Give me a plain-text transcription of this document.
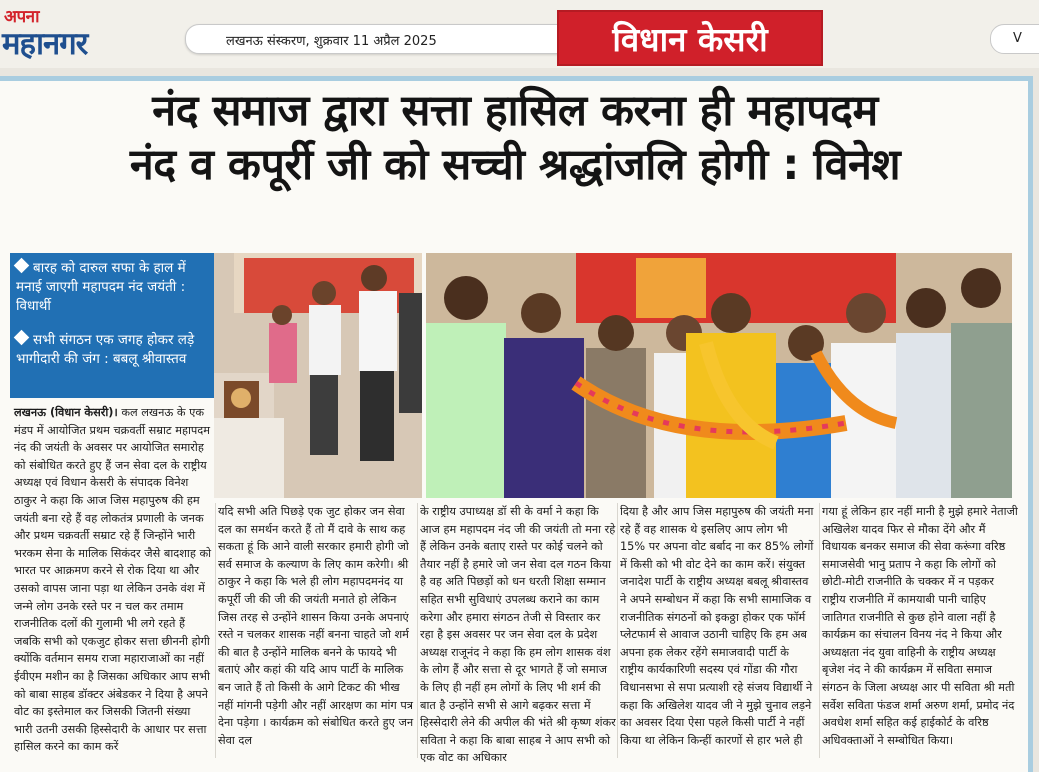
अपना
महानगर	लखनऊ संस्करण, शुक्रवार 11 अप्रैल 2025	विधान केसरी	V
नंद समाज द्वारा सत्ता हासिल करना ही महापदम
नंद व कपूर्री जी को सच्ची श्रद्धांजलि होगी : विनेश
बारह को दारुल सफा के हाल में मनाई जाएगी महापदम नंद जयंती : विधार्थी
सभी संगठन एक जगह होकर लड़े भागीदारी की जंग : बबलू श्रीवास्तव

लखनऊ (विधान केसरी)। कल लखनऊ के एक मंडप में आयोजित प्रथम चक्रवर्ती सम्राट महापदम नंद की जयंती के अवसर पर आयोजित समारोह को संबोधित करते हुए हैं जन सेवा दल के राष्ट्रीय अध्यक्ष एवं विधान केसरी के संपादक विनेश ठाकुर ने कहा कि आज जिस महापुरुष की हम जयंती बना रहे हैं वह लोकतंत्र प्रणाली के जनक और प्रथम चक्रवर्ती सम्राट रहे हैं जिन्होंने भारी भरकम सेना के मालिक सिकंदर जैसे बादशाह को भारत पर आक्रमण करने से रोक दिया था और उसको वापस जाना पड़ा था लेकिन उनके वंश में जन्मे लोग उनके रस्ते पर न चल कर तमाम राजनीतिक दलों की गुलामी भी लगे रहते हैं जबकि सभी को एकजुट होकर सत्ता छीननी होगी क्योंकि वर्तमान समय राजा महाराजाओं का नहीं ईवीएम मशीन का है जिसका अधिकार आप सभी को बाबा साहब डॉक्टर अंबेडकर ने दिया है अपने वोट का इस्तेमाल कर जिसकी जितनी संख्या भारी उतनी उसकी हिस्सेदारी के आधार पर सत्ता हासिल करने का काम करें

यदि सभी अति पिछड़े एक जुट होकर जन सेवा दल का समर्थन करते हैं तो मैं दावे के साथ कह सकता हूं कि आने वाली सरकार हमारी होगी जो सर्व समाज के कल्याण के लिए काम करेगी। श्री ठाकुर ने कहा कि भले ही लोग महापदमनंद या कपूर्री जी की जी की जयंती मनाते हो लेकिन जिस तरह से उन्होंने शासन किया उनके अपनाएं रस्ते न चलकर शासक नहीं बनना चाहते जो शर्म की बात है उन्होंने मालिक बनने के फायदे भी बताएं और कहां की यदि आप पार्टी के मालिक बन जाते हैं तो किसी के आगे टिकट की भीख नहीं मांगनी पड़ेगी और नहीं आरक्षण का मांग पत्र देना पड़ेगा । कार्यक्रम को संबोधित करते हुए जन सेवा दल

के राष्ट्रीय उपाध्यक्ष डॉ सी के वर्मा ने कहा कि आज हम महापदम नंद जी की जयंती तो मना रहे हैं लेकिन उनके बताए रास्ते पर कोई चलने को तैयार नहीं है हमारे जो जन सेवा दल गठन किया है वह अति पिछड़ों को धन धरती शिक्षा सम्मान सहित सभी सुविधाएं उपलब्ध कराने का काम करेगा और हमारा संगठन तेजी से विस्तार कर रहा है इस अवसर पर जन सेवा दल के प्रदेश अध्यक्ष राजूनंद ने कहा कि हम लोग शासक वंश के लोग हैं और सत्ता से दूर भागते हैं जो समाज के लिए ही नहीं हम लोगों के लिए भी शर्म की बात है उन्होंने सभी से आगे बढ़कर सत्ता में हिस्सेदारी लेने की अपील की भंते श्री कृष्ण शंकर सविता ने कहा कि बाबा साहब ने आप सभी को एक वोट का अधिकार

दिया है और आप जिस महापुरुष की जयंती मना रहे हैं वह शासक थे इसलिए आप लोग भी 15% पर अपना वोट बर्बाद ना कर 85% लोगों में किसी को भी वोट देने का काम करें। संयुक्त जनादेश पार्टी के राष्ट्रीय अध्यक्ष बबलू श्रीवास्तव ने अपने सम्बोधन में कहा कि सभी सामाजिक व राजनीतिक संगठनों को इकठ्ठा होकर एक फॉर्म प्लेटफार्म से आवाज उठानी चाहिए कि हम अब अपना हक लेकर रहेंगे समाजवादी पार्टी के राष्ट्रीय कार्यकारिणी सदस्य एवं गोंडा की गौरा विधानसभा से सपा प्रत्याशी रहे संजय विद्यार्थी ने कहा कि अखिलेश यादव जी ने मुझे चुनाव लड़ने का अवसर दिया ऐसा पहले किसी पार्टी ने नहीं किया था लेकिन किन्हीं कारणों से हार भले ही

गया हूं लेकिन हार नहीं मानी है मुझे हमारे नेताजी अखिलेश यादव फिर से मौका देंगे और मैं विधायक बनकर समाज की सेवा करूंगा वरिष्ठ समाजसेवी भानु प्रताप ने कहा कि लोगों को छोटी-मोटी राजनीति के चक्कर में न पड़कर राष्ट्रीय राजनीति में कामयाबी पानी चाहिए जातिगत राजनीति से कुछ होने वाला नहीं है कार्यक्रम का संचालन विनय नंद ने किया और अध्यक्षता नंद युवा वाहिनी के राष्ट्रीय अध्यक्ष बृजेश नंद ने की कार्यक्रम में सविता समाज संगठन के जिला अध्यक्ष आर पी सविता श्री मती सर्वेश सविता फंडज शर्मा अरुण शर्मा, प्रमोद नंद अवधेश शर्मा सहित कई हाईकोर्ट के वरिष्ठ अधिवक्ताओं ने सम्बोधित किया।
